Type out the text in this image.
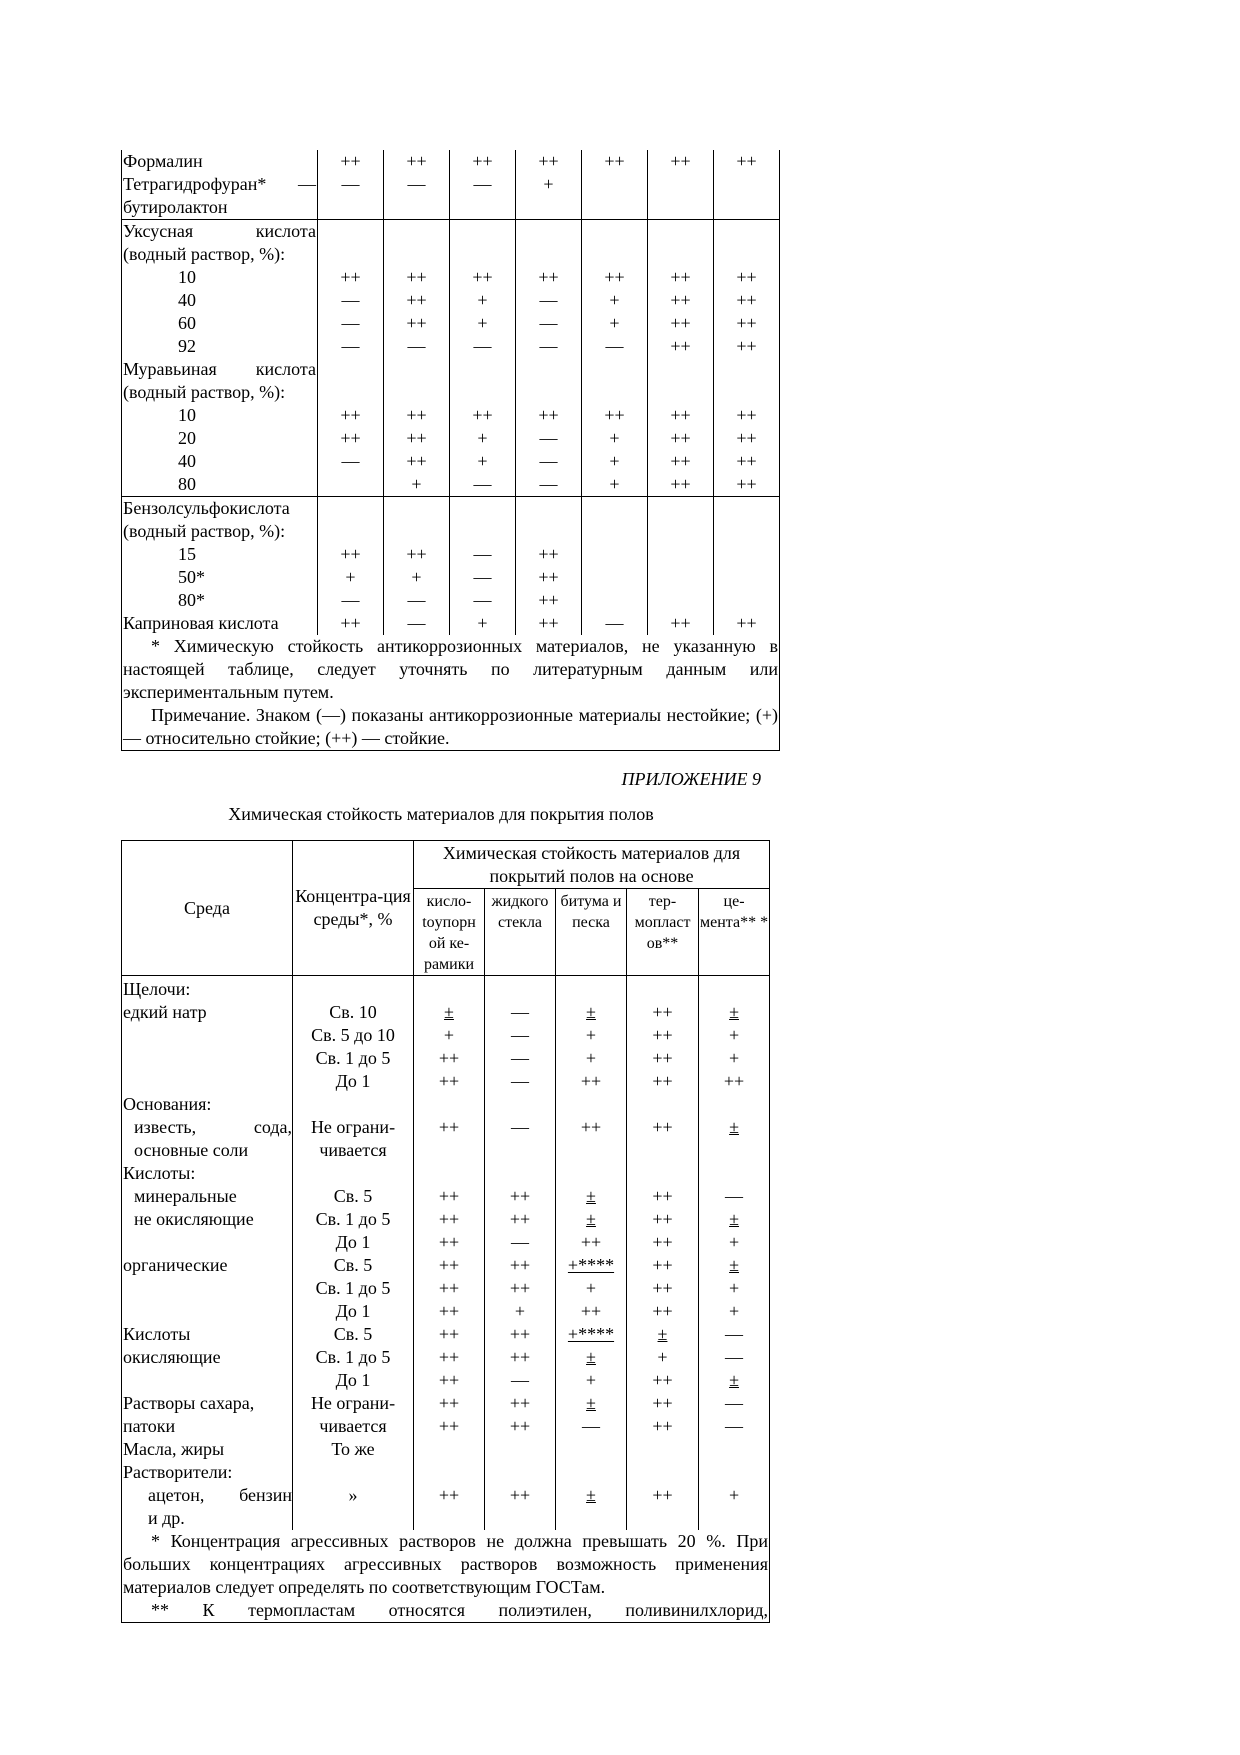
Формалин	++	++	++	++	++	++	++
Тетрагидрофуран* —	—	—	—	+			
бутиролактон							
Уксусная кислота							
(водный раствор, %):							
10	++	++	++	++	++	++	++
40	—	++	+	—	+	++	++
60	—	++	+	—	+	++	++
92	—	—	—	—	—	++	++
Муравьиная кислота							
(водный раствор, %):							
10	++	++	++	++	++	++	++
20	++	++	+	—	+	++	++
40	—	++	+	—	+	++	++
80		+	—	—	+	++	++
Бензолсульфокислота							
(водный раствор, %):							
15	++	++	—	++			
50*	+	+	—	++			
80*	—	—	—	++			
Каприновая кислота	++	—	+	++	—	++	++
* Химическую стойкость антикоррозионных материалов, не указанную в настоящей таблице, следует уточнять по литературным данным или экспериментальным путем.							
Примечание. Знаком (—) показаны антикоррозионные материалы нестойкие; (+) — относительно стойкие; (++) — стойкие.							
ПРИЛОЖЕНИЕ 9
Химическая стойкость материалов для покрытия полов
Среда	Концентра-ция среды*, %	Химическая стойкость материалов для покрытий полов на основе				
		кисло-toупорн ой ке-рамики	жидкого стекла	битума и песка	тер-мопласт ов**	це-мента** *
Щелочи:						
едкий натр	Св. 10	±	—	±	++	±
	Св. 5 до 10	+	—	+	++	+
	Св. 1 до 5	++	—	+	++	+
	До 1	++	—	++	++	++
Основания:						
известь, сода,	Не ограни-	++	—	++	++	±
основные соли	чивается					
Кислоты:						
минеральные	Св. 5	++	++	±	++	—
не окисляющие	Св. 1 до 5	++	++	±	++	±
	До 1	++	—	++	++	+
органические	Св. 5	++	++	+****	++	±
	Св. 1 до 5	++	++	+	++	+
	До 1	++	+	++	++	+
Кислоты	Св. 5	++	++	+****	±	—
окисляющие	Св. 1 до 5	++	++	±	+	—
	До 1	++	—	+	++	±
Растворы сахара,	Не ограни-	++	++	±	++	—
патоки	чивается	++	++	—	++	—
Масла, жиры	То же					
Растворители:						
ацетон, бензин	»	++	++	±	++	+
и др.						
* Концентрация агрессивных растворов не должна превышать 20 %. При больших концентрациях агрессивных растворов возможность применения материалов следует определять по соответствующим ГОСТам.						
** К термопластам относятся полиэтилен, поливинилхлорид,						
